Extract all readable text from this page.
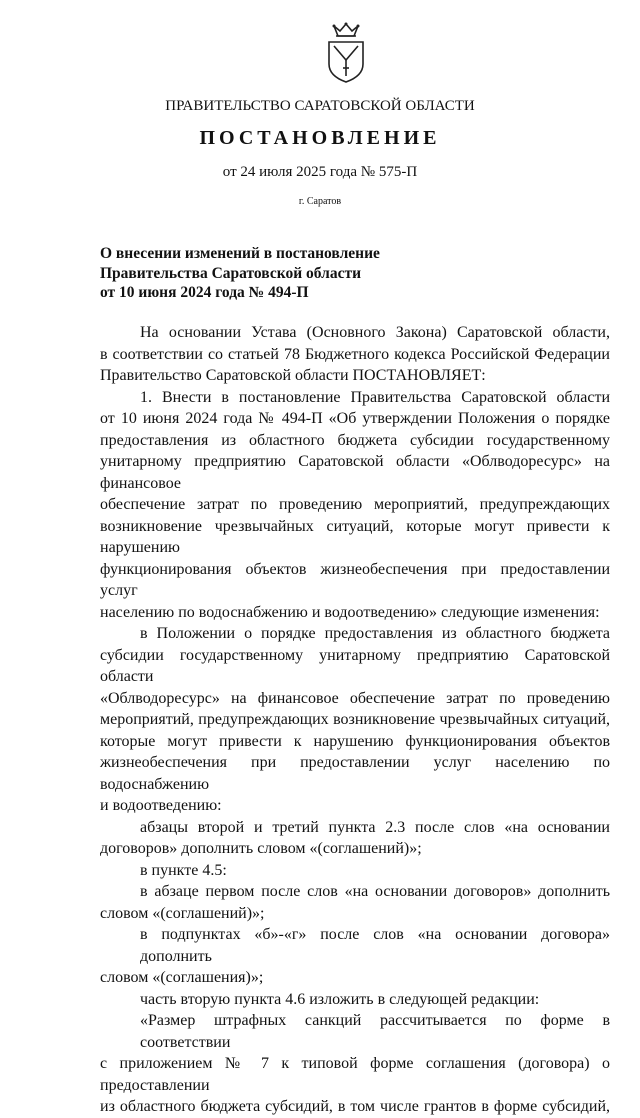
ПРАВИТЕЛЬСТВО САРАТОВСКОЙ ОБЛАСТИ
ПОСТАНОВЛЕНИЕ
от 24 июля 2025 года № 575-П
г. Саратов
О внесении изменений в постановление
Правительства Саратовской области
от 10 июня 2024 года № 494-П
На основании Устава (Основного Закона) Саратовской области,
в соответствии со статьей 78 Бюджетного кодекса Российской Федерации
Правительство Саратовской области ПОСТАНОВЛЯЕТ:
1. Внести в постановление Правительства Саратовской области
от 10 июня 2024 года № 494-П «Об утверждении Положения о порядке
предоставления из областного бюджета субсидии государственному
унитарному предприятию Саратовской области «Облводоресурс» на финансовое
обеспечение затрат по проведению мероприятий, предупреждающих
возникновение чрезвычайных ситуаций, которые могут привести к нарушению
функционирования объектов жизнеобеспечения при предоставлении услуг
населению по водоснабжению и водоотведению» следующие изменения:
в Положении о порядке предоставления из областного бюджета
субсидии государственному унитарному предприятию Саратовской области
«Облводоресурс» на финансовое обеспечение затрат по проведению
мероприятий, предупреждающих возникновение чрезвычайных ситуаций,
которые могут привести к нарушению функционирования объектов
жизнеобеспечения при предоставлении услуг населению по водоснабжению
и водоотведению:
абзацы второй и третий пункта 2.3 после слов «на основании
договоров» дополнить словом «(соглашений)»;
в пункте 4.5:
в абзаце первом после слов «на основании договоров» дополнить
словом «(соглашений)»;
в подпунктах «б»-«г» после слов «на основании договора» дополнить
словом «(соглашения)»;
часть вторую пункта 4.6 изложить в следующей редакции:
«Размер штрафных санкций рассчитывается по форме в соответствии
с приложением № 7 к типовой форме соглашения (договора) о предоставлении
из областного бюджета субсидий, в том числе грантов в форме субсидий,
